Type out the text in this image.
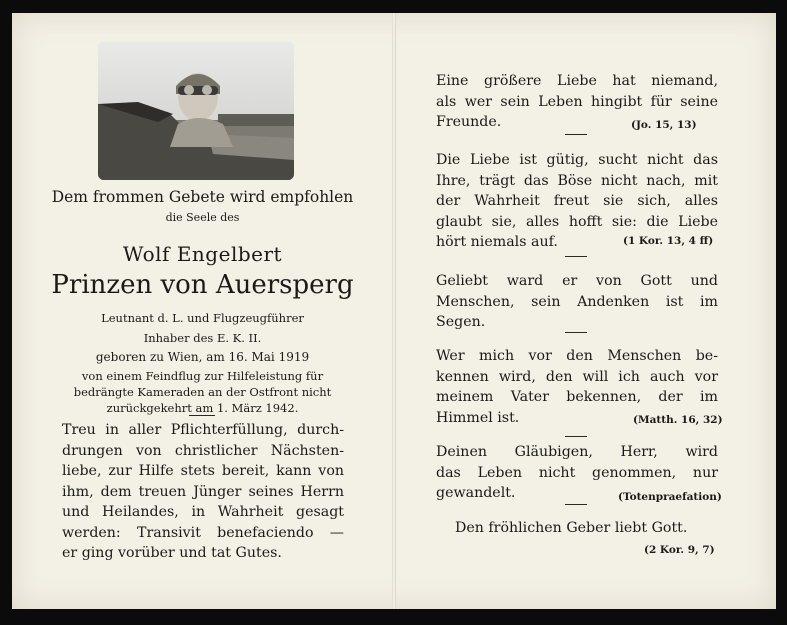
Dem frommen Gebete wird empfohlen
die Seele des
Wolf Engelbert
Prinzen von Auersperg
Leutnant d. L. und Flugzeugführer
Inhaber des E. K. II.
geboren zu Wien, am 16. Mai 1919
von einem Feindflug zur Hilfeleistung für
bedrängte Kameraden an der Ostfront nicht
zurückgekehrt am 1. März 1942.
Treu in aller Pflichterfüllung, durch-
drungen von christlicher Nächsten-
liebe, zur Hilfe stets bereit, kann von
ihm, dem treuen Jünger seines Herrn
und Heilandes, in Wahrheit gesagt
werden: Transivit benefaciendo —
er ging vorüber und tat Gutes.
Eine größere Liebe hat niemand,
als wer sein Leben hingibt für seine
Freunde.	(Jo. 15, 13)
Die Liebe ist gütig, sucht nicht das
Ihre, trägt das Böse nicht nach, mit
der Wahrheit freut sie sich, alles
glaubt sie, alles hofft sie: die Liebe
hört niemals auf.	(1 Kor. 13, 4 ff)
Geliebt ward er von Gott und
Menschen, sein Andenken ist im
Segen.
Wer mich vor den Menschen be-
kennen wird, den will ich auch vor
meinem Vater bekennen, der im
Himmel ist.	(Matth. 16, 32)
Deinen Gläubigen, Herr, wird
das Leben nicht genommen, nur
gewandelt.	(Totenpraefation)
Den fröhlichen Geber liebt Gott.
(2 Kor. 9, 7)
